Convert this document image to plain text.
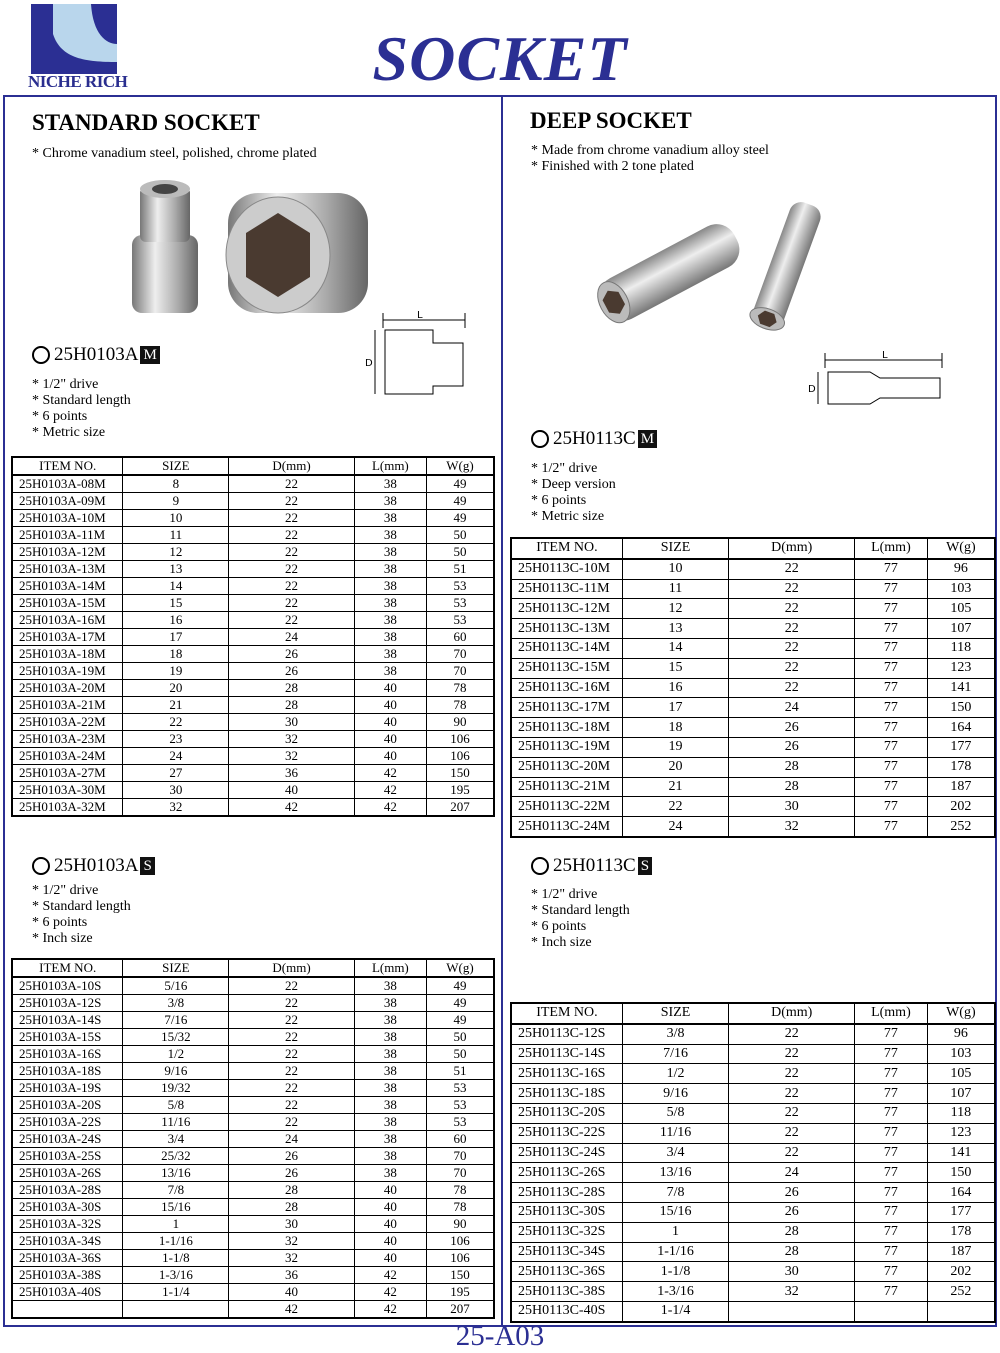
NICHE RICH	SOCKET
STANDARD SOCKET
* Chrome vanadium steel, polished, chrome plated
L
D
25H0103A M
* 1/2" drive
* Standard length
* 6 points
* Metric size
ITEM NO.	SIZE	D(mm)	L(mm)	W(g)
25H0103A-08M	8	22	38	49
25H0103A-09M	9	22	38	49
25H0103A-10M	10	22	38	49
25H0103A-11M	11	22	38	50
25H0103A-12M	12	22	38	50
25H0103A-13M	13	22	38	51
25H0103A-14M	14	22	38	53
25H0103A-15M	15	22	38	53
25H0103A-16M	16	22	38	53
25H0103A-17M	17	24	38	60
25H0103A-18M	18	26	38	70
25H0103A-19M	19	26	38	70
25H0103A-20M	20	28	40	78
25H0103A-21M	21	28	40	78
25H0103A-22M	22	30	40	90
25H0103A-23M	23	32	40	106
25H0103A-24M	24	32	40	106
25H0103A-27M	27	36	42	150
25H0103A-30M	30	40	42	195
25H0103A-32M	32	42	42	207
25H0103A S
* 1/2" drive
* Standard length
* 6 points
* Inch size
ITEM NO.	SIZE	D(mm)	L(mm)	W(g)
25H0103A-10S	5/16	22	38	49
25H0103A-12S	3/8	22	38	49
25H0103A-14S	7/16	22	38	49
25H0103A-15S	15/32	22	38	50
25H0103A-16S	1/2	22	38	50
25H0103A-18S	9/16	22	38	51
25H0103A-19S	19/32	22	38	53
25H0103A-20S	5/8	22	38	53
25H0103A-22S	11/16	22	38	53
25H0103A-24S	3/4	24	38	60
25H0103A-25S	25/32	26	38	70
25H0103A-26S	13/16	26	38	70
25H0103A-28S	7/8	28	40	78
25H0103A-30S	15/16	28	40	78
25H0103A-32S	1	30	40	90
25H0103A-34S	1-1/16	32	40	106
25H0103A-36S	1-1/8	32	40	106
25H0103A-38S	1-3/16	36	42	150
25H0103A-40S	1-1/4	40	42	195
		42	42	207
DEEP SOCKET
* Made from chrome vanadium alloy steel
* Finished with 2 tone plated
L
D
25H0113C M
* 1/2" drive
* Deep version
* 6 points
* Metric size
ITEM NO.	SIZE	D(mm)	L(mm)	W(g)
25H0113C-10M	10	22	77	96
25H0113C-11M	11	22	77	103
25H0113C-12M	12	22	77	105
25H0113C-13M	13	22	77	107
25H0113C-14M	14	22	77	118
25H0113C-15M	15	22	77	123
25H0113C-16M	16	22	77	141
25H0113C-17M	17	24	77	150
25H0113C-18M	18	26	77	164
25H0113C-19M	19	26	77	177
25H0113C-20M	20	28	77	178
25H0113C-21M	21	28	77	187
25H0113C-22M	22	30	77	202
25H0113C-24M	24	32	77	252
25H0113C S
* 1/2" drive
* Standard length
* 6 points
* Inch size
ITEM NO.	SIZE	D(mm)	L(mm)	W(g)
25H0113C-12S	3/8	22	77	96
25H0113C-14S	7/16	22	77	103
25H0113C-16S	1/2	22	77	105
25H0113C-18S	9/16	22	77	107
25H0113C-20S	5/8	22	77	118
25H0113C-22S	11/16	22	77	123
25H0113C-24S	3/4	22	77	141
25H0113C-26S	13/16	24	77	150
25H0113C-28S	7/8	26	77	164
25H0113C-30S	15/16	26	77	177
25H0113C-32S	1	28	77	178
25H0113C-34S	1-1/16	28	77	187
25H0113C-36S	1-1/8	30	77	202
25H0113C-38S	1-3/16	32	77	252
25H0113C-40S	1-1/4			
25-A03
